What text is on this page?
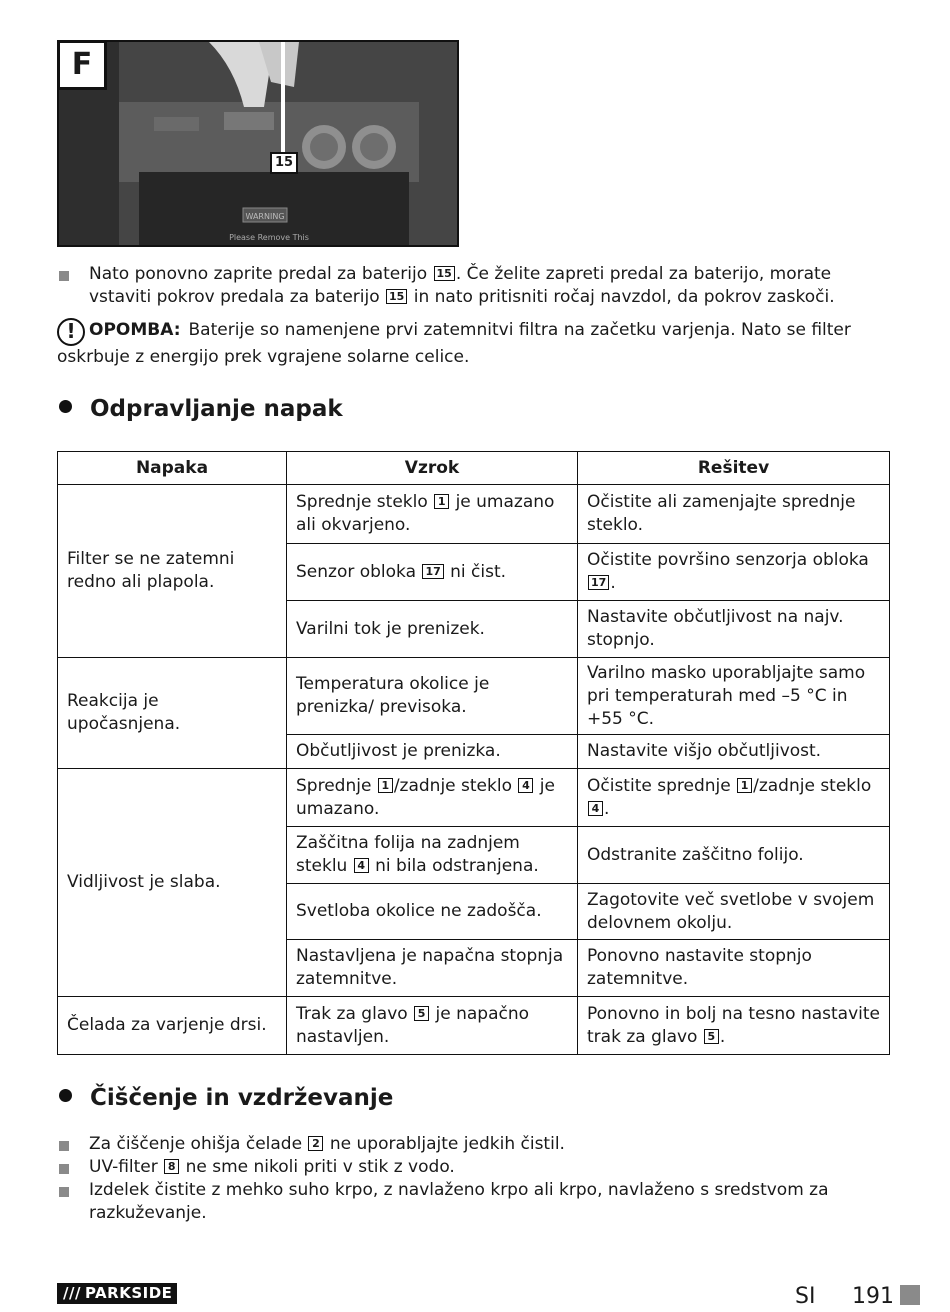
WARNING
Please Remove This
F
15
Nato ponovno zaprite predal za baterijo 15 . Če želite zapreti predal za baterijo, morate vstaviti pokrov predala za baterijo 15 in nato pritisniti ročaj navzdol, da pokrov zaskoči.
! OPOMBA: Baterije so namenjene prvi zatemnitvi filtra na začetku varjenja. Nato se filter oskrbuje z energijo prek vgrajene solarne celice.
Odpravljanje napak
Napaka	Vzrok	Rešitev
Filter se ne zatemni redno ali plapola.	Sprednje steklo 1 je umazano ali okvarjeno.	Očistite ali zamenjajte sprednje steklo.
	Senzor obloka 17 ni čist.	Očistite površino senzorja obloka 17 .
	Varilni tok je prenizek.	Nastavite občutljivost na najv. stopnjo.
Reakcija je upočasnjena.	Temperatura okolice je prenizka/ previsoka.	Varilno masko uporabljajte samo pri temperaturah med –5 °C in +55 °C.
	Občutljivost je prenizka.	Nastavite višjo občutljivost.
Vidljivost je slaba.	Sprednje 1 /zadnje steklo 4 je umazano.	Očistite sprednje 1 /zadnje steklo 4 .
	Zaščitna folija na zadnjem steklu 4 ni bila odstranjena.	Odstranite zaščitno folijo.
	Svetloba okolice ne zadošča.	Zagotovite več svetlobe v svojem delovnem okolju.
	Nastavljena je napačna stopnja zatemnitve.	Ponovno nastavite stopnjo zatemnitve.
Čelada za varjenje drsi.	Trak za glavo 5 je napačno nastavljen.	Ponovno in bolj na tesno nastavite trak za glavo 5 .
Čiščenje in vzdrževanje
Za čiščenje ohišja čelade 2 ne uporabljajte jedkih čistil.
UV-filter 8 ne sme nikoli priti v stik z vodo.
Izdelek čistite z mehko suho krpo, z navlaženo krpo ali krpo, navlaženo s sredstvom za razkuževanje.
/// PARKSIDE	SI 191
